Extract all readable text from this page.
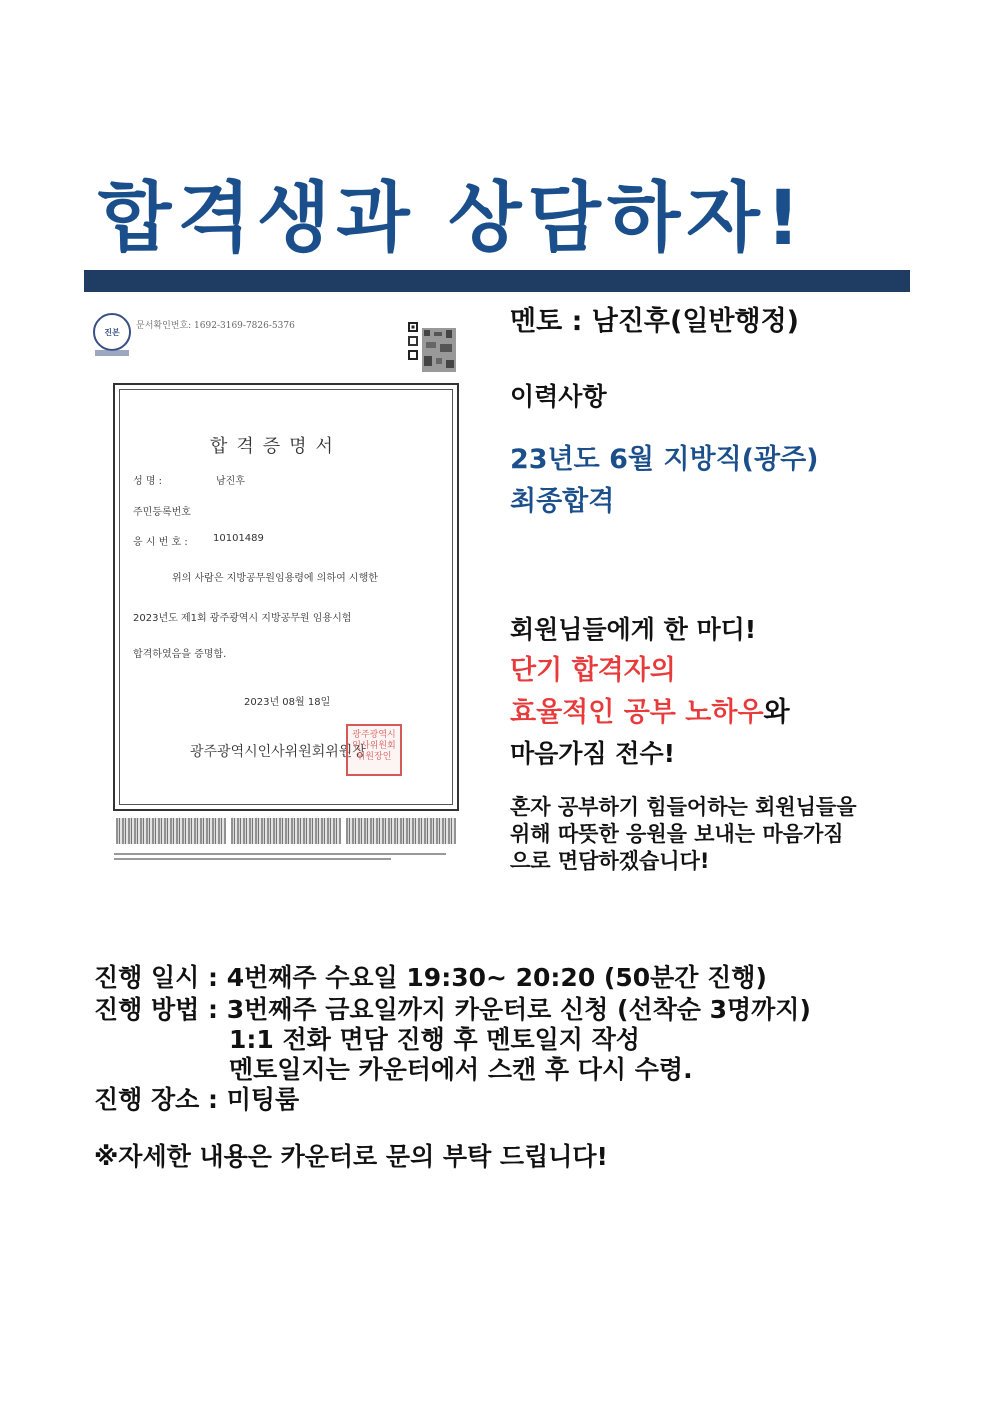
합격생과 상담하자!
진본
문서확인번호: 1692-3169-7826-5376
합격증명서
성 명 :	남진후
주민등록번호
응 시 번 호 :	10101489
위의 사람은 지방공무원임용령에 의하여 시행한
2023년도 제1회 광주광역시 지방공무원 임용시험
합격하였음을 증명함.
2023년 08월 18일
광주광역시인사위원회위원장
광주광역시인사위원회위원장인
멘토 : 남진후(일반행정)
이력사항
23년도 6월 지방직(광주)
최종합격
회원님들에게 한 마디!
단기 합격자의
효율적인 공부 노하우와
마음가짐 전수!
혼자 공부하기 힘들어하는 회원님들을
위해 따뜻한 응원을 보내는 마음가짐
으로 면담하겠습니다!
진행 일시 : 4번째주 수요일 19:30~ 20:20 (50분간 진행)
진행 방법 : 3번째주 금요일까지 카운터로 신청 (선착순 3명까지)
1:1 전화 면담 진행 후 멘토일지 작성
멘토일지는 카운터에서 스캔 후 다시 수령.
진행 장소 : 미팅룸
※자세한 내용은 카운터로 문의 부탁 드립니다!
